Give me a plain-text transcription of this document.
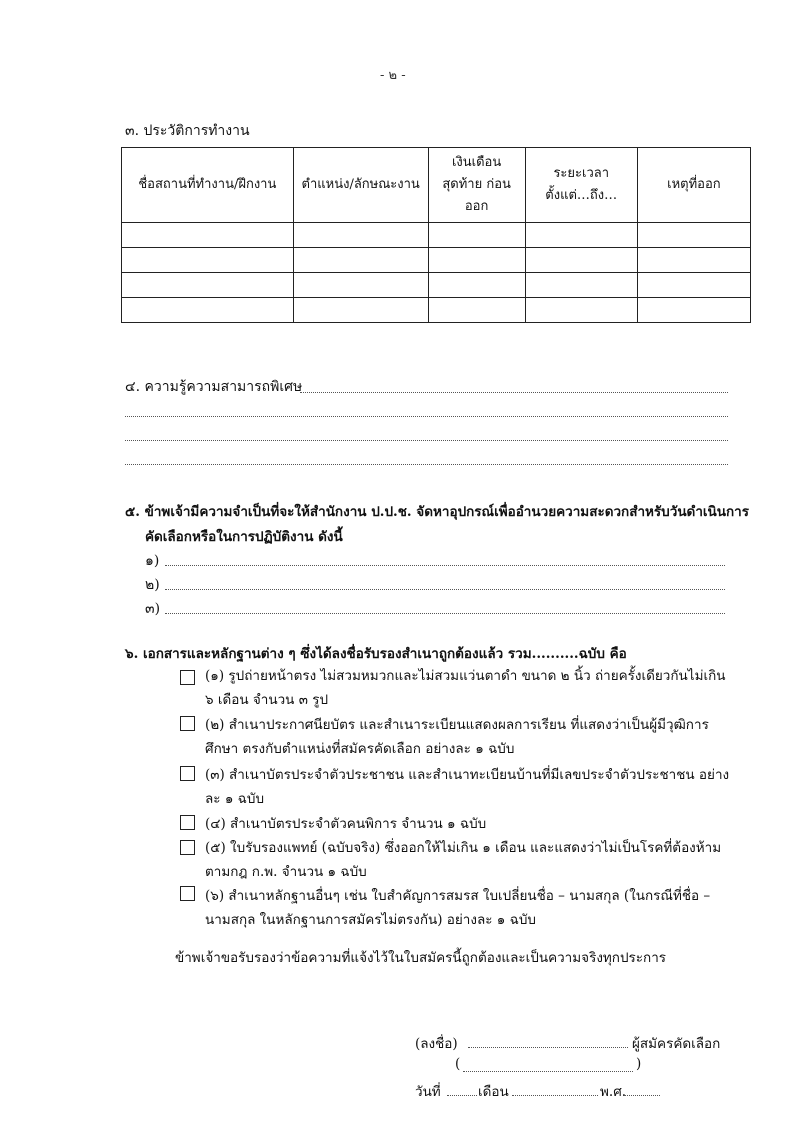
- ๒ -
๓. ประวัติการทำงาน
ชื่อสถานที่ทำงาน/ฝึกงาน	ตำแหน่ง/ลักษณะงาน	เงินเดือน สุดท้าย ก่อนออก	ระยะเวลา ตั้งแต่…ถึง…	เหตุที่ออก

๔. ความรู้ความสามารถพิเศษ
๕. ข้าพเจ้ามีความจำเป็นที่จะให้สำนักงาน ป.ป.ช. จัดหาอุปกรณ์เพื่ออำนวยความสะดวกสำหรับวันดำเนินการ
คัดเลือกหรือในการปฏิบัติงาน ดังนี้
๑)
๒)
๓)
๖. เอกสารและหลักฐานต่าง ๆ ซึ่งได้ลงชื่อรับรองสำเนาถูกต้องแล้ว รวม..........ฉบับ คือ
(๑) รูปถ่ายหน้าตรง ไม่สวมหมวกและไม่สวมแว่นตาดำ ขนาด ๒ นิ้ว ถ่ายครั้งเดียวกันไม่เกิน ๖ เดือน จำนวน ๓ รูป
(๒) สำเนาประกาศนียบัตร และสำเนาระเบียนแสดงผลการเรียน ที่แสดงว่าเป็นผู้มีวุฒิการศึกษา ตรงกับตำแหน่งที่สมัครคัดเลือก อย่างละ ๑ ฉบับ
(๓) สำเนาบัตรประจำตัวประชาชน และสำเนาทะเบียนบ้านที่มีเลขประจำตัวประชาชน อย่างละ ๑ ฉบับ
(๔) สำเนาบัตรประจำตัวคนพิการ จำนวน ๑ ฉบับ
(๕) ใบรับรองแพทย์ (ฉบับจริง) ซึ่งออกให้ไม่เกิน ๑ เดือน และแสดงว่าไม่เป็นโรคที่ต้องห้าม ตามกฎ ก.พ. จำนวน ๑ ฉบับ
(๖) สำเนาหลักฐานอื่นๆ เช่น ใบสำคัญการสมรส ใบเปลี่ยนชื่อ – นามสกุล (ในกรณีที่ชื่อ – นามสกุล ในหลักฐานการสมัครไม่ตรงกัน) อย่างละ ๑ ฉบับ
ข้าพเจ้าขอรับรองว่าข้อความที่แจ้งไว้ในใบสมัครนี้ถูกต้องและเป็นความจริงทุกประการ
(ลงชื่อ)	ผู้สมัครคัดเลือก
(	)
วันที่	เดือน	พ.ศ.
